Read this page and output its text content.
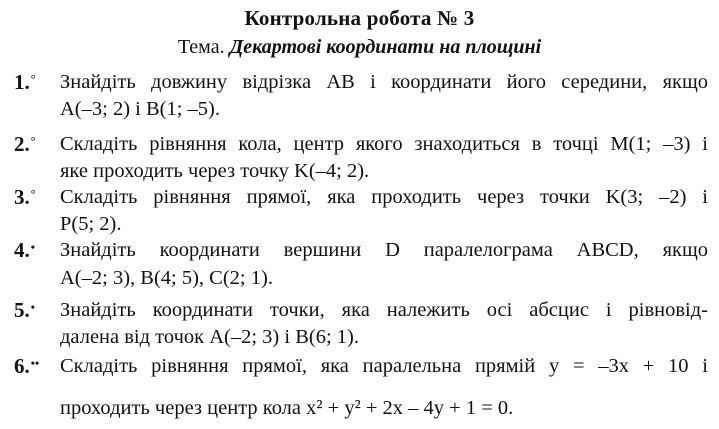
Контрольна робота № 3
Тема. Декартові координати на площині
1.°	Знайдіть довжину відрізка AB і координати його середини, якщо
A(–3; 2) і B(1; –5).
2.°	Складіть рівняння кола, центр якого знаходиться в точці M(1; –3) і
яке проходить через точку K(–4; 2).
3.°	Складіть рівняння прямої, яка проходить через точки K(3; –2) і
P(5; 2).
4.•	Знайдіть координати вершини D паралелограма ABCD, якщо
A(–2; 3), B(4; 5), C(2; 1).
5.•	Знайдіть координати точки, яка належить осі абсцис і рівновід-
далена від точок A(–2; 3) і B(6; 1).
6.••	Складіть рівняння прямої, яка паралельна прямій y = –3x + 10 і
проходить через центр кола x² + y² + 2x – 4y + 1 = 0.
